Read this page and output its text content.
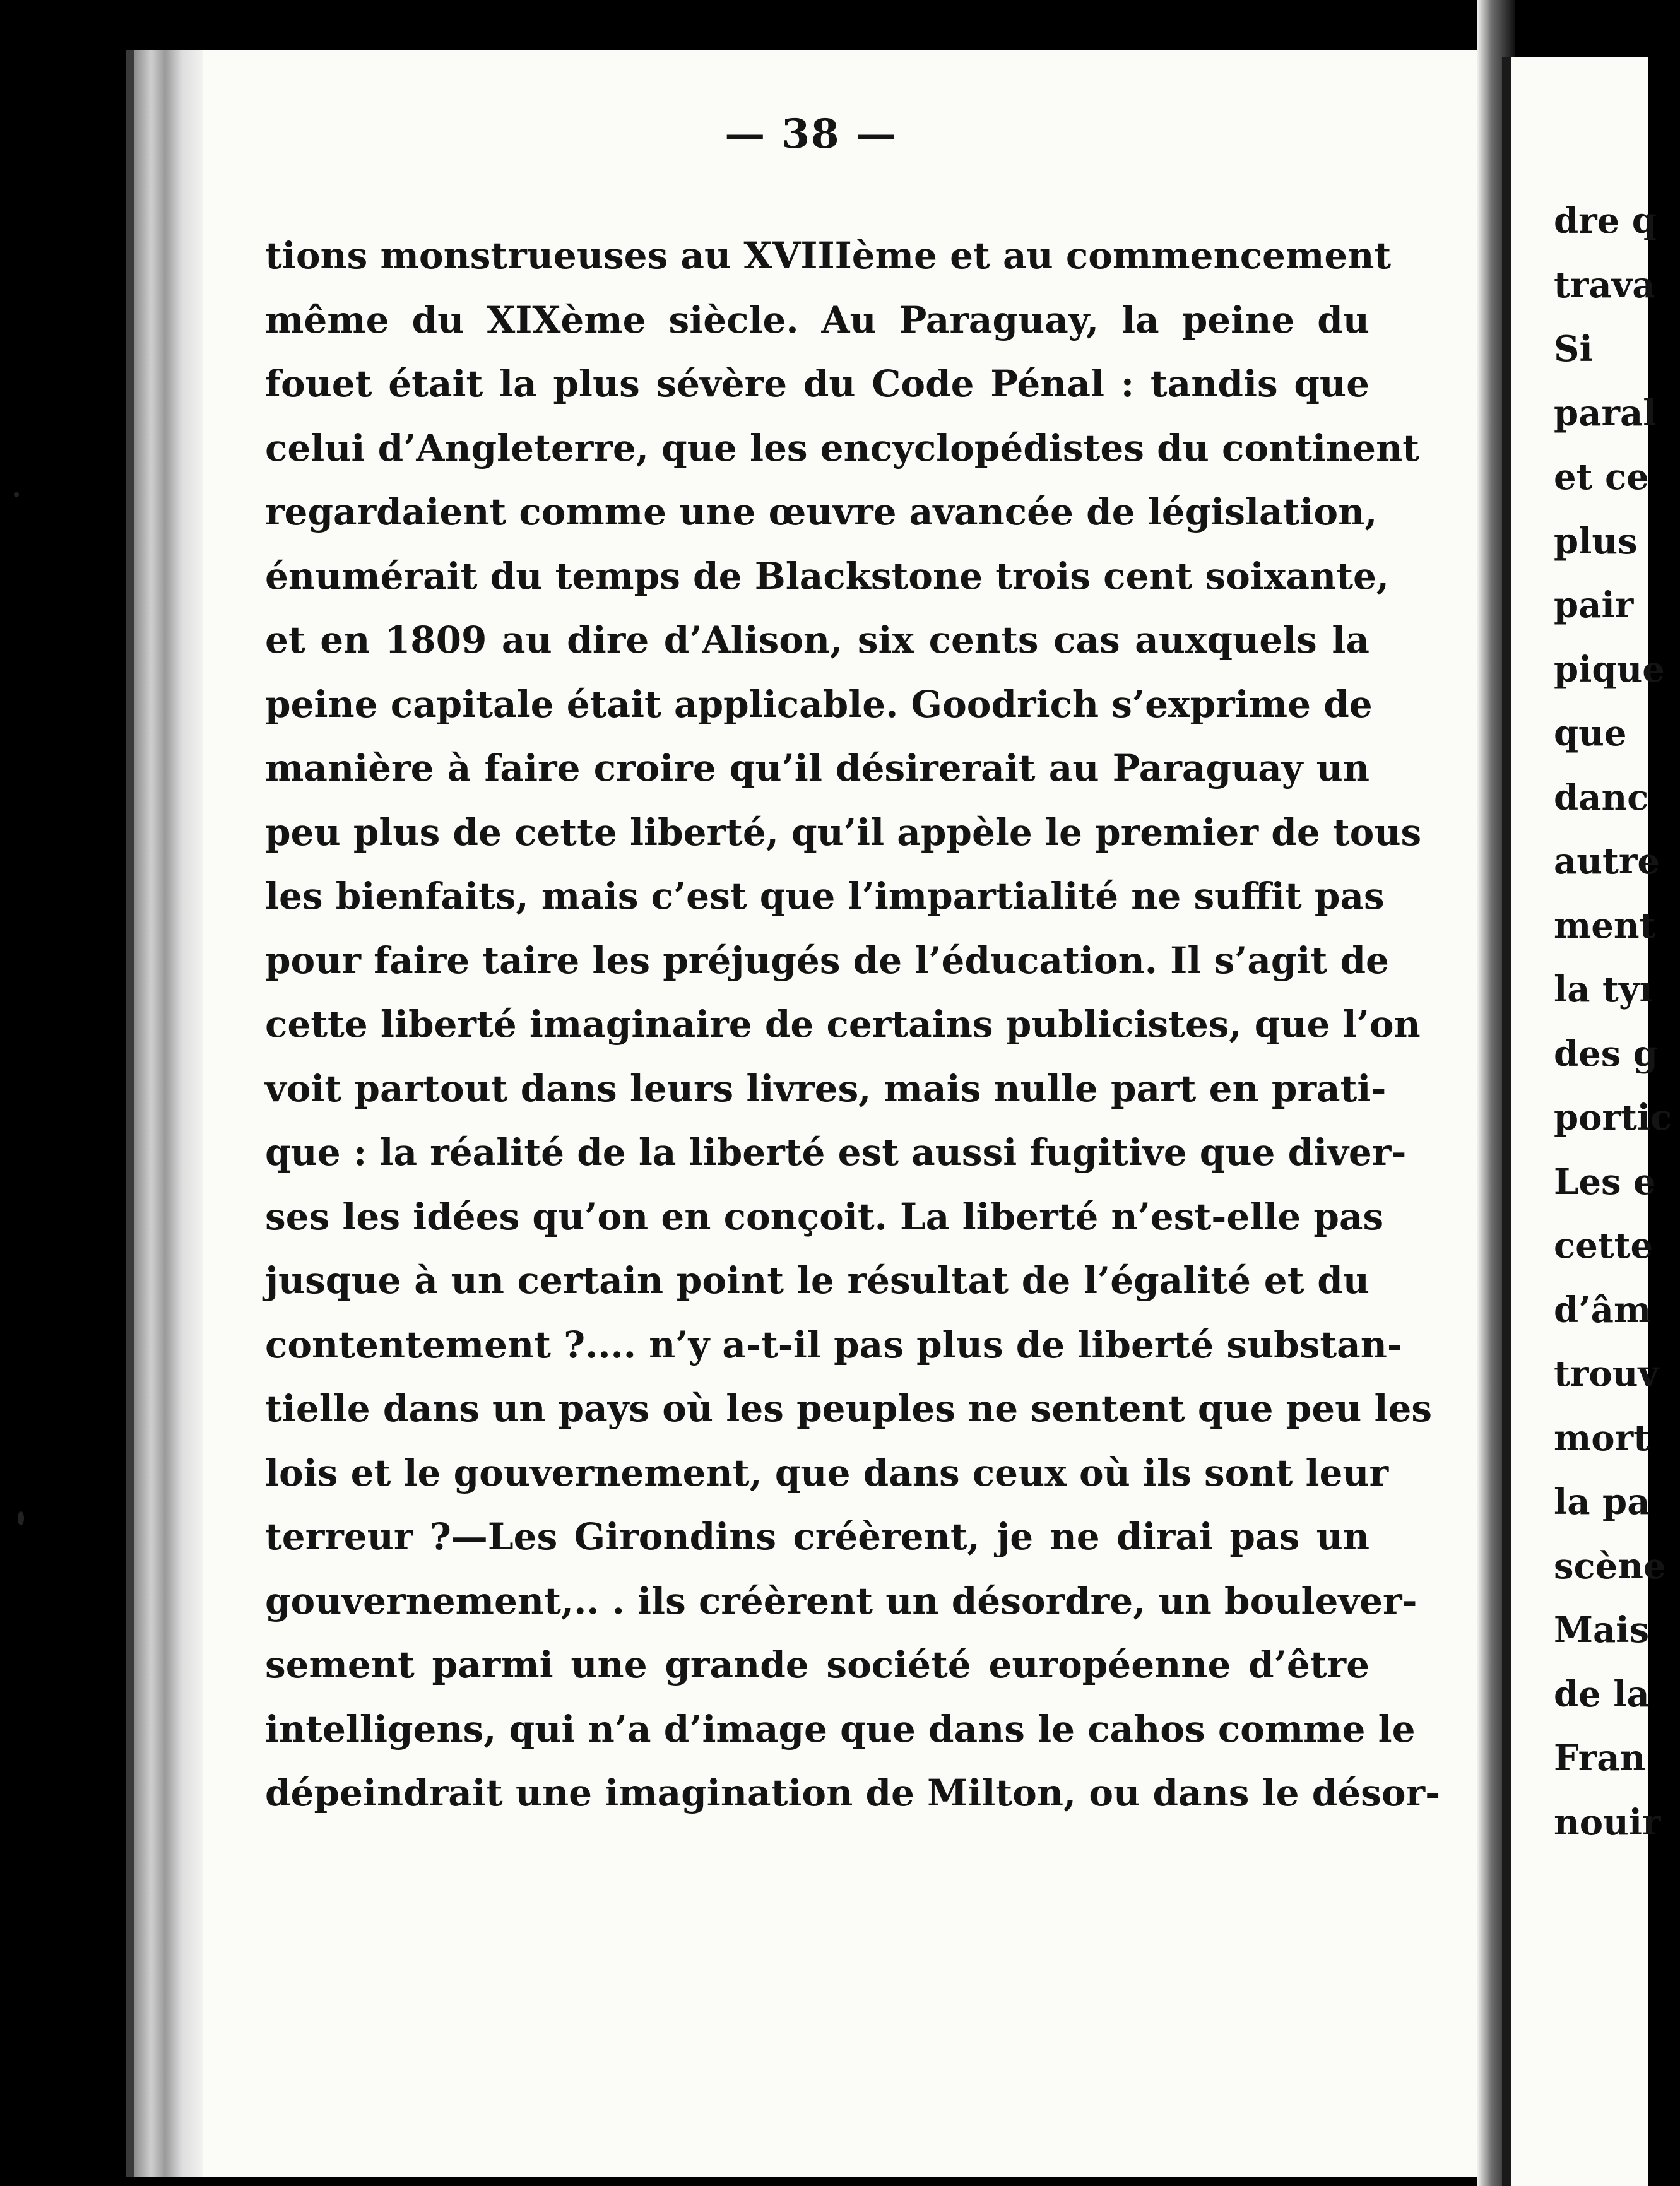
— 38 —
tions monstrueuses au XVIIIème et au commencement
même du XIXème siècle. Au Paraguay, la peine du
fouet était la plus sévère du Code Pénal : tandis que
celui d’Angleterre, que les encyclopédistes du continent
regardaient comme une œuvre avancée de législation,
énumérait du temps de Blackstone trois cent soixante,
et en 1809 au dire d’Alison, six cents cas auxquels la
peine capitale était applicable. Goodrich s’exprime de
manière à faire croire qu’il désirerait au Paraguay un
peu plus de cette liberté, qu’il appèle le premier de tous
les bienfaits, mais c’est que l’impartialité ne suffit pas
pour faire taire les préjugés de l’éducation. Il s’agit de
cette liberté imaginaire de certains publicistes, que l’on
voit partout dans leurs livres, mais nulle part en prati-
que : la réalité de la liberté est aussi fugitive que diver-
ses les idées qu’on en conçoit. La liberté n’est-elle pas
jusque à un certain point le résultat de l’égalité et du
contentement ?.... n’y a-t-il pas plus de liberté substan-
tielle dans un pays où les peuples ne sentent que peu les
lois et le gouvernement, que dans ceux où ils sont leur
terreur ?—Les Girondins créèrent, je ne dirai pas un
gouvernement,.. . ils créèrent un désordre, un boulever-
sement parmi une grande société européenne d’être
intelligens, qui n’a d’image que dans le cahos comme le
dépeindrait une imagination de Milton, ou dans le désor-
dre q
trava
Si
paral
et ce
plus
pair
pique
que
danc
autre
ment
la tyı
des g
portic
Les e
cette
d’âm
trouv
mort
la pa
scène
Mais
de la
Fran
nouir
